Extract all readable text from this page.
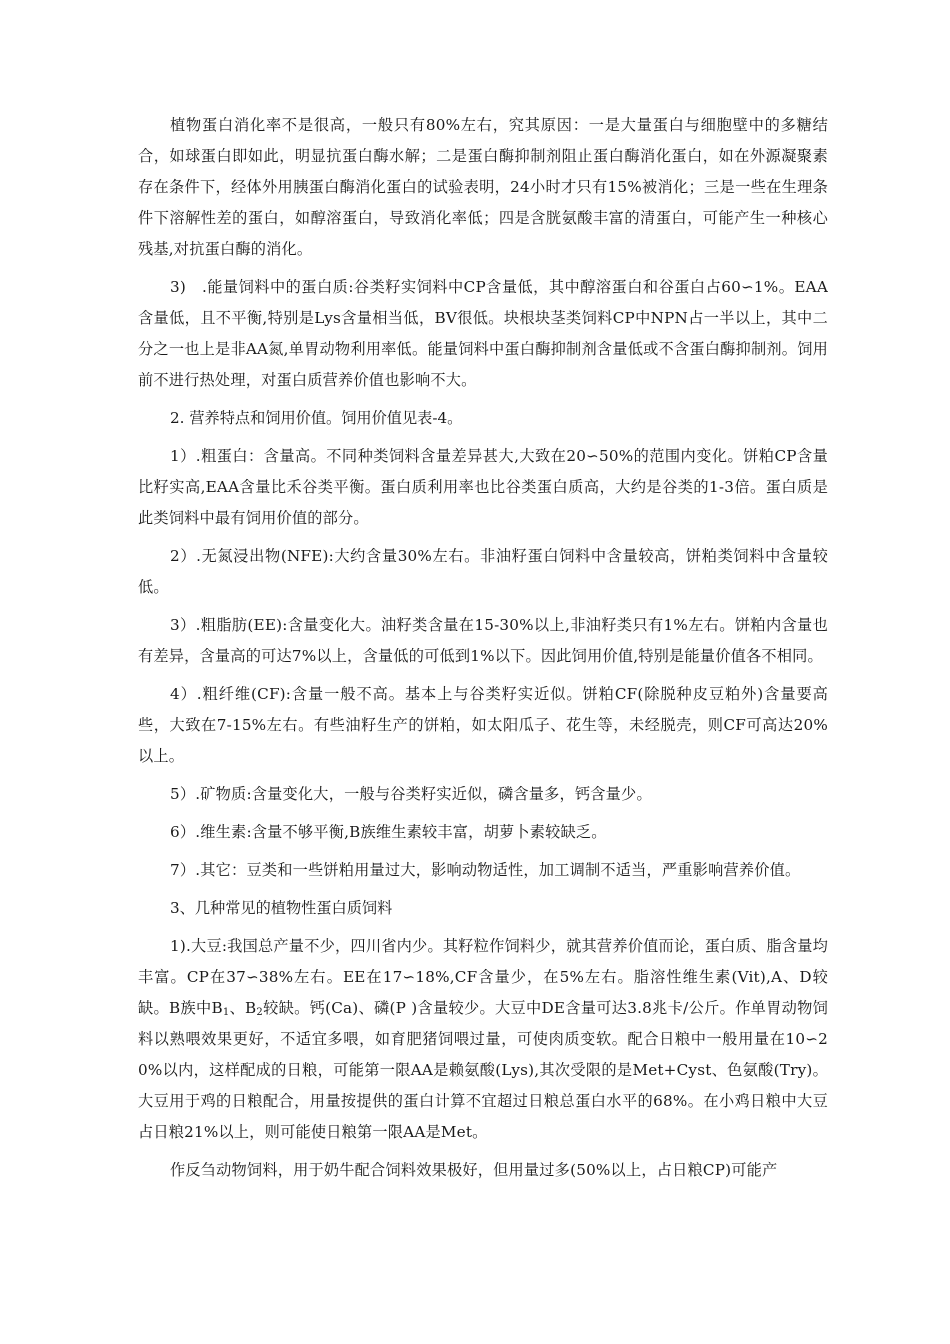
植物蛋白消化率不是很高，一般只有80%左右，究其原因：一是大量蛋白与细胞壁中的多糖结合，如球蛋白即如此，明显抗蛋白酶水解；二是蛋白酶抑制剂阻止蛋白酶消化蛋白，如在外源凝聚素存在条件下，经体外用胰蛋白酶消化蛋白的试验表明，24小时才只有15%被消化；三是一些在生理条件下溶解性差的蛋白，如醇溶蛋白，导致消化率低；四是含胱氨酸丰富的清蛋白，可能产生一种核心残基,对抗蛋白酶的消化。

3)　.能量饲料中的蛋白质:谷类籽实饲料中CP含量低，其中醇溶蛋白和谷蛋白占60∽1%。EAA含量低，且不平衡,特别是Lys含量相当低，BV很低。块根块茎类饲料CP中NPN占一半以上，其中二分之一也上是非AA氮,单胃动物利用率低。能量饲料中蛋白酶抑制剂含量低或不含蛋白酶抑制剂。饲用前不进行热处理，对蛋白质营养价值也影响不大。

2. 营养特点和饲用价值。饲用价值见表-4。

1）.粗蛋白：含量高。不同种类饲料含量差异甚大,大致在20∽50%的范围内变化。饼粕CP含量比籽实高,EAA含量比禾谷类平衡。蛋白质利用率也比谷类蛋白质高，大约是谷类的1-3倍。蛋白质是此类饲料中最有饲用价值的部分。

2）.无氮浸出物(NFE):大约含量30%左右。非油籽蛋白饲料中含量较高，饼粕类饲料中含量较低。

3）.粗脂肪(EE):含量变化大。油籽类含量在15-30%以上,非油籽类只有1%左右。饼粕内含量也有差异，含量高的可达7%以上，含量低的可低到1%以下。因此饲用价值,特别是能量价值各不相同。

4）.粗纤维(CF):含量一般不高。基本上与谷类籽实近似。饼粕CF(除脱种皮豆粕外)含量要高些，大致在7-15%左右。有些油籽生产的饼粕，如太阳瓜子、花生等，未经脱壳，则CF可高达20%以上。

5）.矿物质:含量变化大，一般与谷类籽实近似，磷含量多，钙含量少。

6）.维生素:含量不够平衡,B族维生素较丰富，胡萝卜素较缺乏。

7）.其它：豆类和一些饼粕用量过大，影响动物适性，加工调制不适当，严重影响营养价值。

3、几种常见的植物性蛋白质饲料

1).大豆:我国总产量不少，四川省内少。其籽粒作饲料少，就其营养价值而论，蛋白质、脂含量均丰富。CP在37∽38%左右。EE在17∽18%,CF含量少，在5%左右。脂溶性维生素(Vit),A、D较缺。B族中$B_1$、$B_2$较缺。钙(Ca)、磷(P )含量较少。大豆中DE含量可达3.8兆卡/公斤。作单胃动物饲料以熟喂效果更好，不适宜多喂，如育肥猪饲喂过量，可使肉质变软。配合日粮中一般用量在10∽20%以内，这样配成的日粮，可能第一限AA是赖氨酸(Lys),其次受限的是Met+Cyst、色氨酸(Try)。大豆用于鸡的日粮配合，用量按提供的蛋白计算不宜超过日粮总蛋白水平的68%。在小鸡日粮中大豆占日粮21%以上，则可能使日粮第一限AA是Met。

作反刍动物饲料，用于奶牛配合饲料效果极好，但用量过多(50%以上，占日粮CP)可能产
